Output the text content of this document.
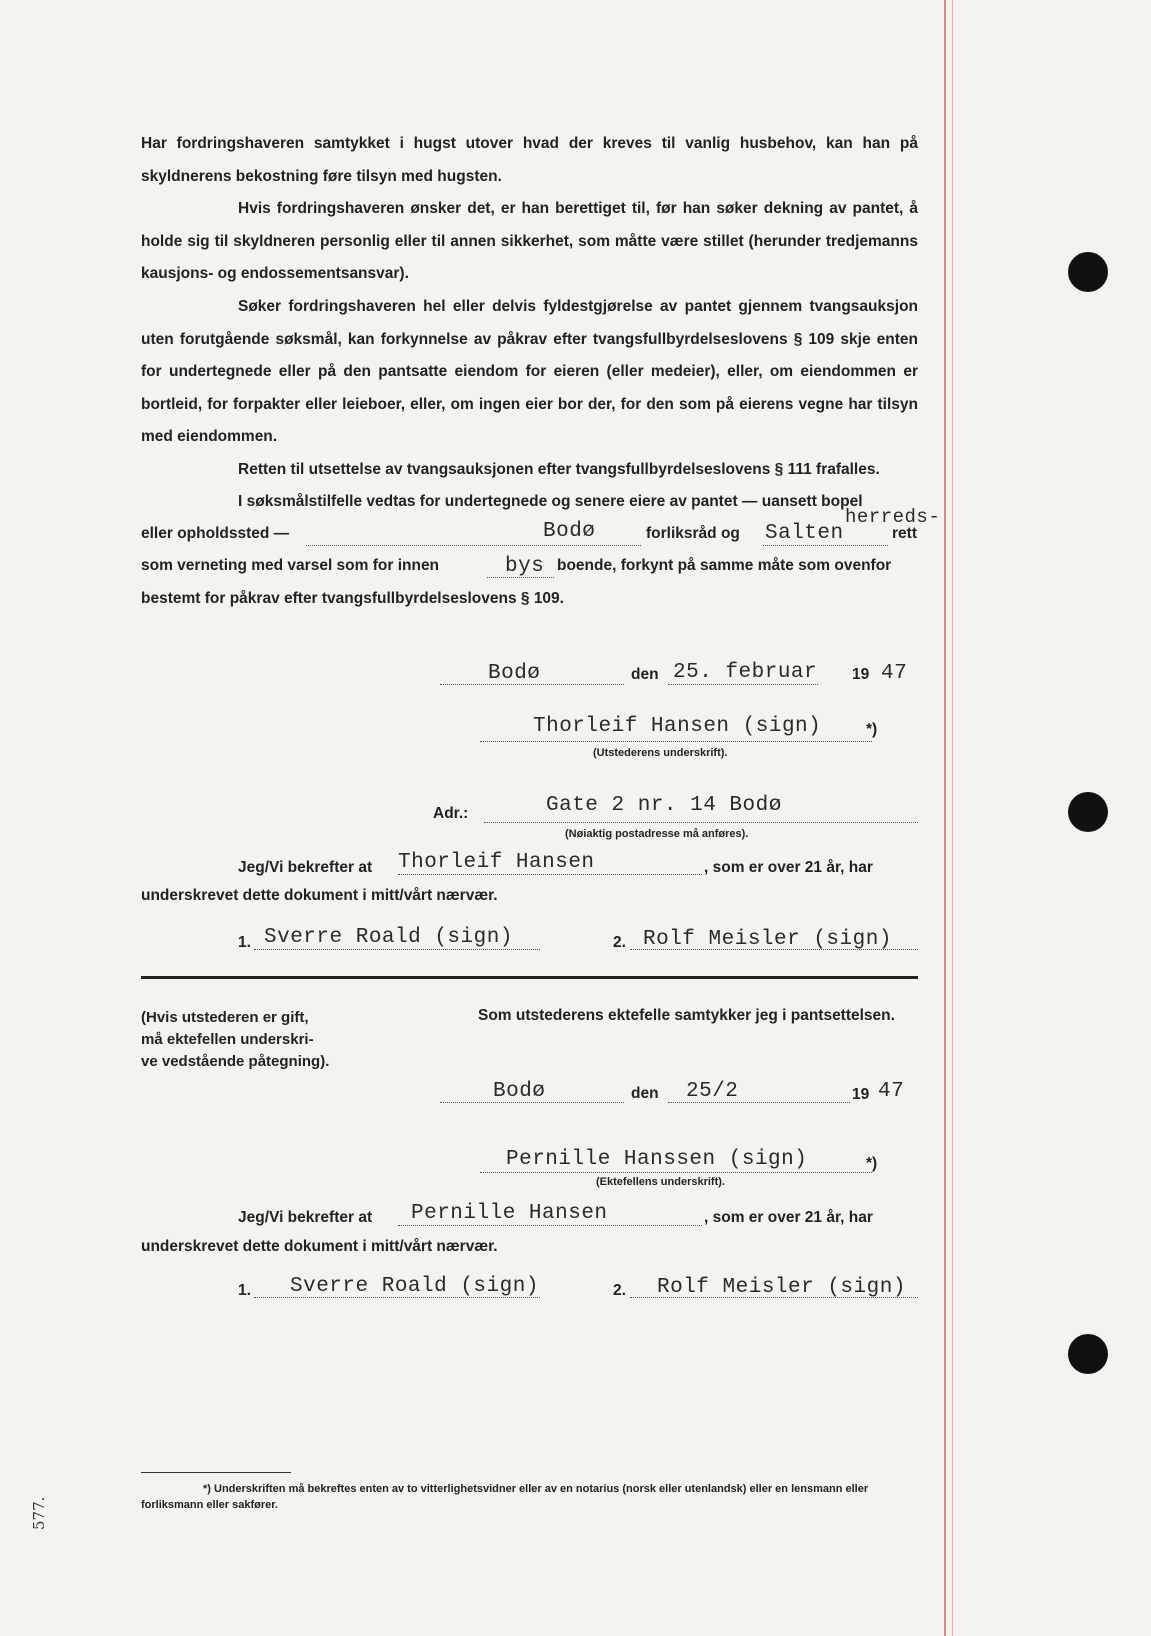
Har fordringshaveren samtykket i hugst utover hvad der kreves til vanlig husbehov, kan han på skyldnerens bekostning føre tilsyn med hugsten.
Hvis fordringshaveren ønsker det, er han berettiget til, før han søker dekning av pantet, å holde sig til skyldneren personlig eller til annen sikkerhet, som måtte være stillet (herunder tredjemanns kausjons- og endossementsansvar).
Søker fordringshaveren hel eller delvis fyldestgjørelse av pantet gjennem tvangsauksjon uten forutgående søksmål, kan forkynnelse av påkrav efter tvangsfullbyrdelseslovens § 109 skje enten for undertegnede eller på den pantsatte eiendom for eieren (eller medeier), eller, om eiendommen er bortleid, for forpakter eller leieboer, eller, om ingen eier bor der, for den som på eierens vegne har tilsyn med eiendommen.
Retten til utsettelse av tvangsauksjonen efter tvangsfullbyrdelseslovens § 111 frafalles.
I søksmålstilfelle vedtas for undertegnede og senere eiere av pantet — uansett bopel
eller opholdssted —	Bodø	forliksråd og Salten
herreds-
rett
som verneting med varsel som for innen	bys boende, forkynt på samme måte som ovenfor
bestemt for påkrav efter tvangsfullbyrdelseslovens § 109.
Bodø	den 25. februar 19 47
Thorleif Hansen (sign)	*)
(Utstederens underskrift).
Adr.:	Gate 2 nr. 14 Bodø
(Nøiaktig postadresse må anføres).
Jeg/Vi bekrefter at Thorleif Hansen	, som er over 21 år, har
underskrevet dette dokument i mitt/vårt nærvær.
1. Sverre Roald (sign)	2. Rolf Meisler (sign)
(Hvis utstederen er gift,
må ektefellen underskri-
ve vedstående påtegning).
Som utstederens ektefelle samtykker jeg i pantsettelsen.
Bodø	den 25/2	19 47
Pernille Hanssen (sign)	*)
(Ektefellens underskrift).
Jeg/Vi bekrefter at Pernille Hansen	, som er over 21 år, har
underskrevet dette dokument i mitt/vårt nærvær.
1. Sverre Roald (sign)	2. Rolf Meisler (sign)
*) Underskriften må bekreftes enten av to vitterlighetsvidner eller av en notarius (norsk eller utenlandsk) eller en lensmann eller forliksmann eller sakfører.
577.
